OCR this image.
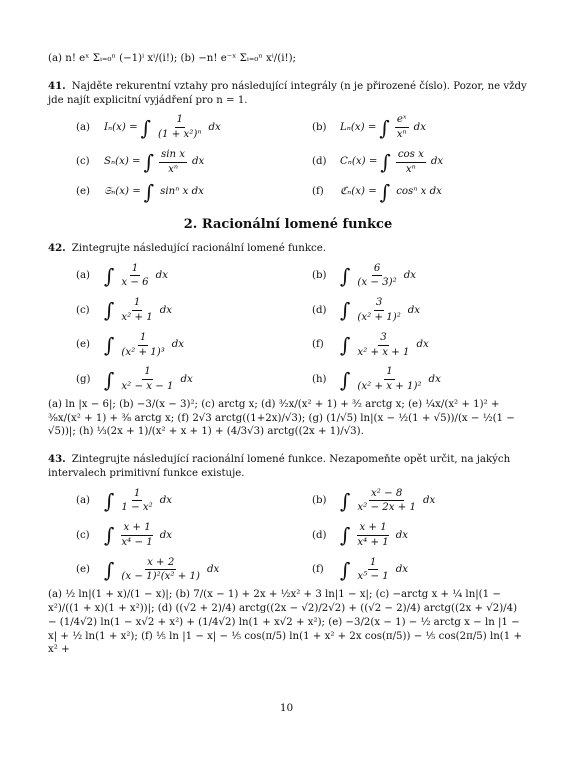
(a) n! eˣ Σᵢ₌₀ⁿ (−1)ⁱ xⁱ/(i!); (b) −n! e⁻ˣ Σᵢ₌₀ⁿ xⁱ/(i!);
41. Najděte rekurentní vztahy pro následující integrály (n je přirozené číslo). Pozor, ne vždy jde najít explicitní vyjádření pro n = 1.
(a)	Iₙ(x) = ∫ $\frac{1}{\text{(1 + x²)ⁿ}}$ dx	(b)	Lₙ(x) = ∫ $\frac{\text{eˣ}}{\text{xⁿ}}$ dx
(c)	Sₙ(x) = ∫ $\frac{\text{sin x}}{\text{xⁿ}}$ dx	(d)	Cₙ(x) = ∫ $\frac{\text{cos x}}{\text{xⁿ}}$ dx
(e)	𝔖ₙ(x) = ∫ sinⁿ x dx	(f)	ℭₙ(x) = ∫ cosⁿ x dx
2. Racionální lomené funkce
42. Zintegrujte následující racionální lomené funkce.
(a) ∫ $\frac{1}{x - 6}$ dx	(b) ∫ $\frac{6}{\text{(x − 3)²}}$ dx
(c) ∫ $\frac{1}{\text{x² + 1}}$ dx	(d) ∫ $\frac{3}{\text{(x² + 1)²}}$ dx
(e) ∫ $\frac{1}{\text{(x² + 1)³}}$ dx	(f) ∫ $\frac{3}{\text{x² + x + 1}}$ dx
(g) ∫ $\frac{1}{\text{x² − x − 1}}$ dx	(h) ∫ $\frac{1}{\text{(x² + x + 1)²}}$ dx
(a) ln |x − 6|; (b) −3/(x − 3)²; (c) arctg x; (d) ³⁄₂x/(x² + 1) + ³⁄₂ arctg x; (e) ¼x/(x² + 1)² + ³⁄₈x/(x² + 1) + ³⁄₈ arctg x; (f) 2√3 arctg((1+2x)/√3); (g) (1/√5) ln|(x − ½(1 + √5))/(x − ½(1 − √5))|; (h) ⅓(2x + 1)/(x² + x + 1) + (4/3√3) arctg((2x + 1)/√3).
43. Zintegrujte následující racionální lomené funkce. Nezapomeňte opět určit, na jakých intervalech primitivní funkce existuje.
(a) ∫ $\frac{1}{\text{1 − x²}}$ dx	(b) ∫ $\frac{\text{x² − 8}}{\text{x² − 2x + 1}}$ dx
(c) ∫ $\frac{x + 1}{\text{x⁴ − 1}}$ dx	(d) ∫ $\frac{x + 1}{\text{x⁴ + 1}}$ dx
(e) ∫ $\frac{x + 2}{\text{(x − 1)²(x² + 1)}}$ dx	(f) ∫ $\frac{1}{\text{x⁵ − 1}}$ dx
(a) ½ ln|(1 + x)/(1 − x)|; (b) 7/(x − 1) + 2x + ½x² + 3 ln|1 − x|; (c) −arctg x + ¼ ln|(1 − x²)/((1 + x)(1 + x²))|; (d) ((√2 + 2)/4) arctg((2x − √2)/2√2) + ((√2 − 2)/4) arctg((2x + √2)/4) − (1/4√2) ln(1 − x√2 + x²) + (1/4√2) ln(1 + x√2 + x²); (e) −3/2(x − 1) − ½ arctg x − ln |1 − x| + ½ ln(1 + x²); (f) ⅕ ln |1 − x| − ⅕ cos(π/5) ln(1 + x² + 2x cos(π/5)) − ⅕ cos(2π/5) ln(1 + x² +
10
